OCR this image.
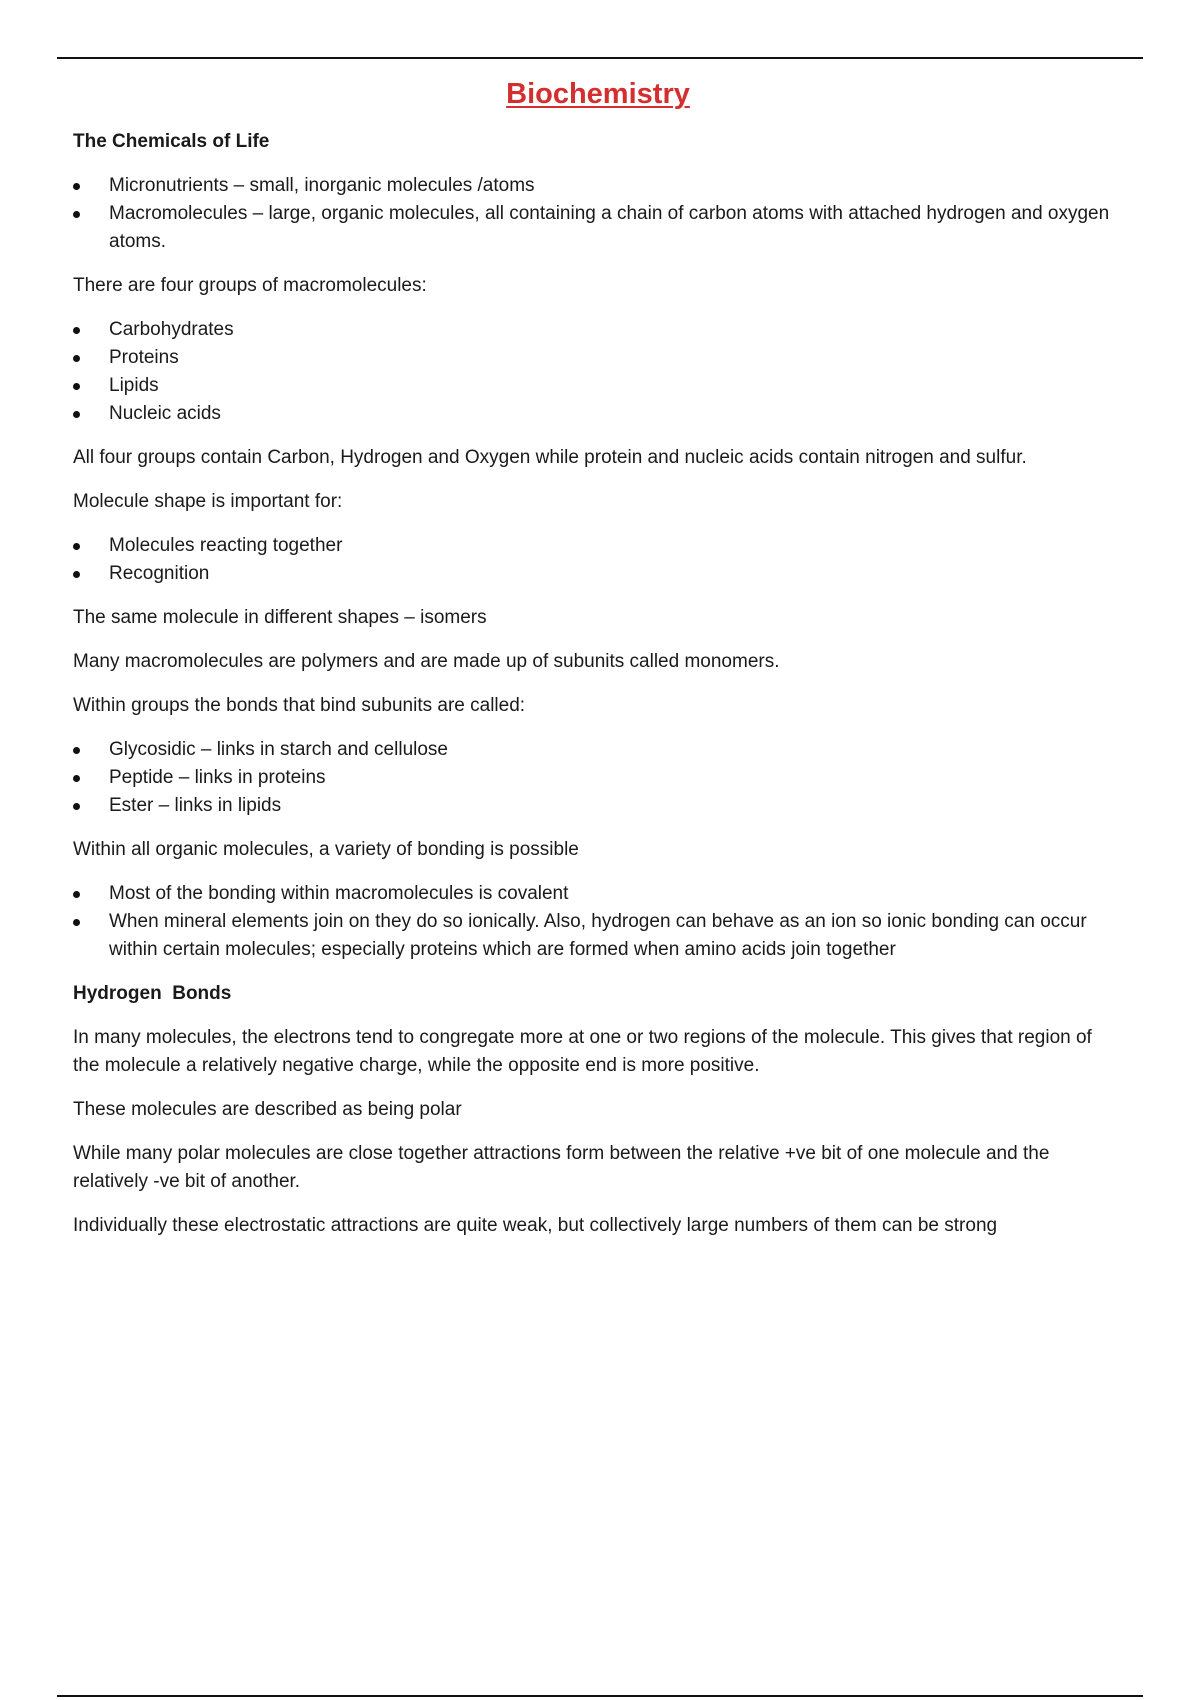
Biochemistry
The Chemicals of Life
Micronutrients – small, inorganic molecules /atoms
Macromolecules – large, organic molecules, all containing a chain of carbon atoms with attached hydrogen and oxygen atoms.

There are four groups of macromolecules:

Carbohydrates
Proteins
Lipids
Nucleic acids

All four groups contain Carbon, Hydrogen and Oxygen while protein and nucleic acids contain nitrogen and sulfur.

Molecule shape is important for:

Molecules reacting together
Recognition

The same molecule in different shapes – isomers

Many macromolecules are polymers and are made up of subunits called monomers.

Within groups the bonds that bind subunits are called:

Glycosidic – links in starch and cellulose
Peptide – links in proteins
Ester – links in lipids

Within all organic molecules, a variety of bonding is possible

Most of the bonding within macromolecules is covalent
When mineral elements join on they do so ionically. Also, hydrogen can behave as an ion so ionic bonding can occur within certain molecules; especially proteins which are formed when amino acids join together
Hydrogen  Bonds

In many molecules, the electrons tend to congregate more at one or two regions of the molecule. This gives that region of the molecule a relatively negative charge, while the opposite end is more positive.

These molecules are described as being polar

While many polar molecules are close together attractions form between the relative +ve bit of one molecule and the relatively -ve bit of another.

Individually these electrostatic attractions are quite weak, but collectively large numbers of them can be strong
